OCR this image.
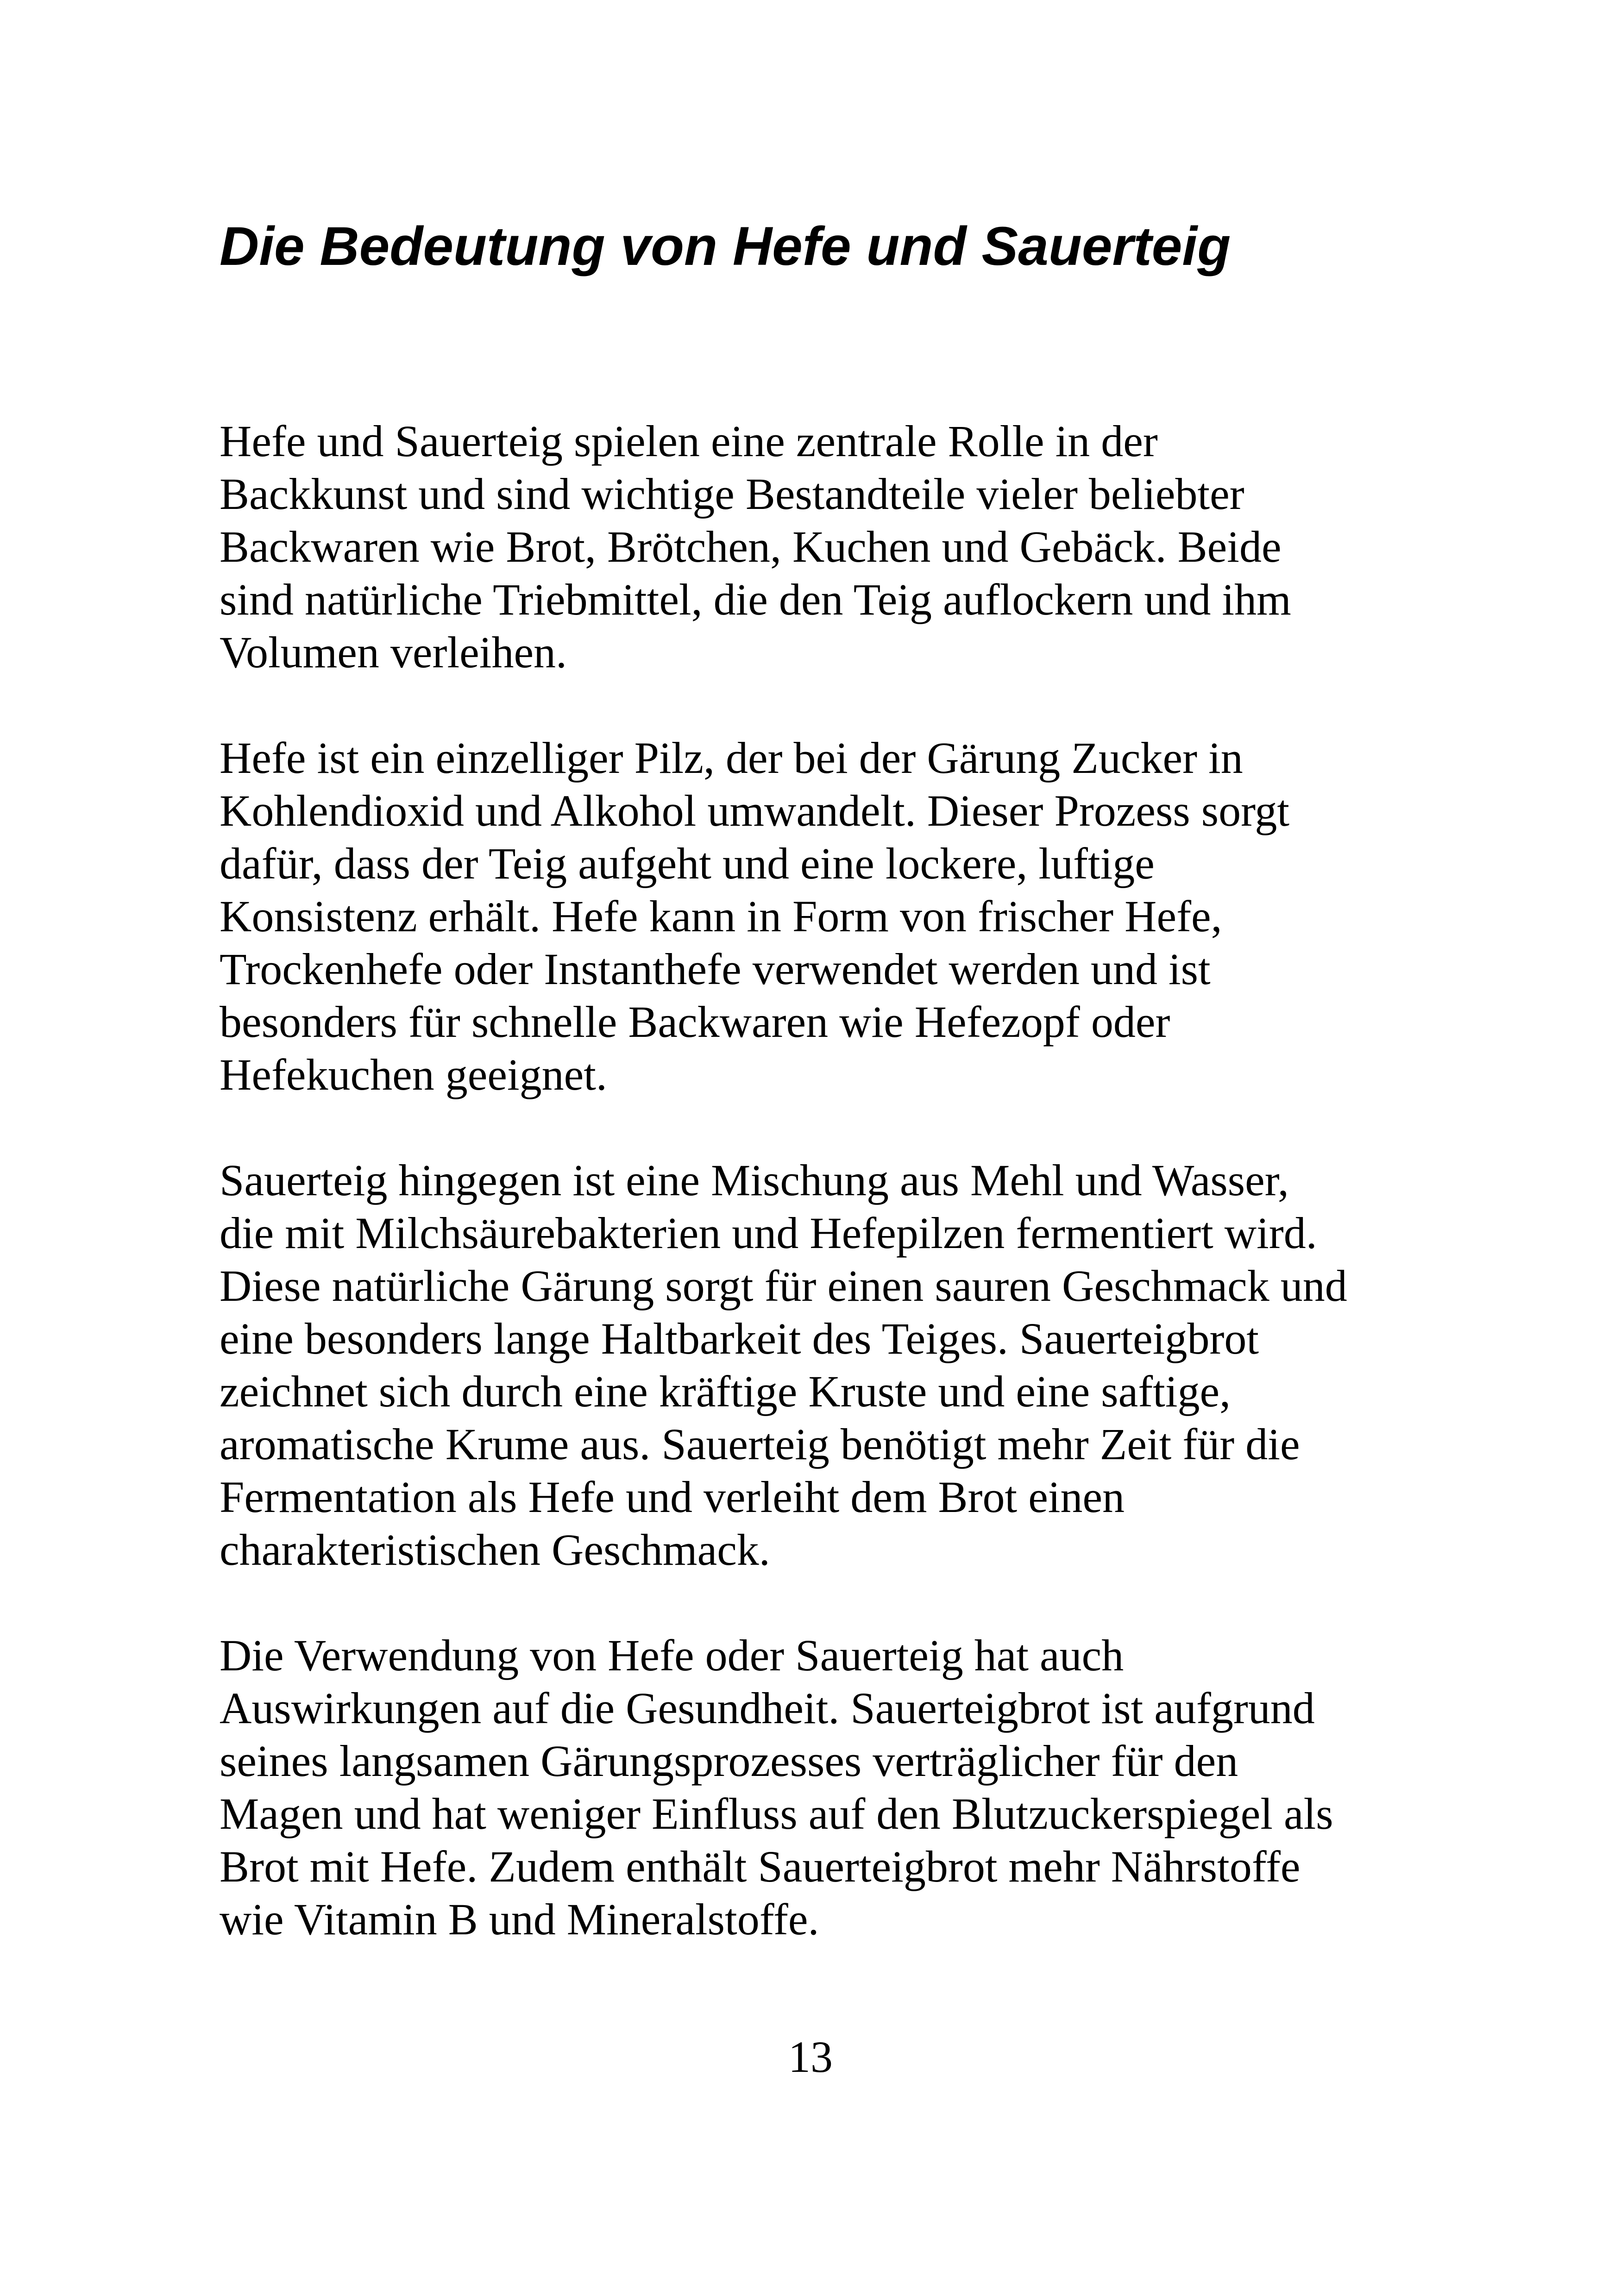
Die Bedeutung von Hefe und Sauerteig

Hefe und Sauerteig spielen eine zentrale Rolle in der
Backkunst und sind wichtige Bestandteile vieler beliebter
Backwaren wie Brot, Brötchen, Kuchen und Gebäck. Beide
sind natürliche Triebmittel, die den Teig auflockern und ihm
Volumen verleihen.

Hefe ist ein einzelliger Pilz, der bei der Gärung Zucker in
Kohlendioxid und Alkohol umwandelt. Dieser Prozess sorgt
dafür, dass der Teig aufgeht und eine lockere, luftige
Konsistenz erhält. Hefe kann in Form von frischer Hefe,
Trockenhefe oder Instanthefe verwendet werden und ist
besonders für schnelle Backwaren wie Hefezopf oder
Hefekuchen geeignet.

Sauerteig hingegen ist eine Mischung aus Mehl und Wasser,
die mit Milchsäurebakterien und Hefepilzen fermentiert wird.
Diese natürliche Gärung sorgt für einen sauren Geschmack und
eine besonders lange Haltbarkeit des Teiges. Sauerteigbrot
zeichnet sich durch eine kräftige Kruste und eine saftige,
aromatische Krume aus. Sauerteig benötigt mehr Zeit für die
Fermentation als Hefe und verleiht dem Brot einen
charakteristischen Geschmack.

Die Verwendung von Hefe oder Sauerteig hat auch
Auswirkungen auf die Gesundheit. Sauerteigbrot ist aufgrund
seines langsamen Gärungsprozesses verträglicher für den
Magen und hat weniger Einfluss auf den Blutzuckerspiegel als
Brot mit Hefe. Zudem enthält Sauerteigbrot mehr Nährstoffe
wie Vitamin B und Mineralstoffe.

13
